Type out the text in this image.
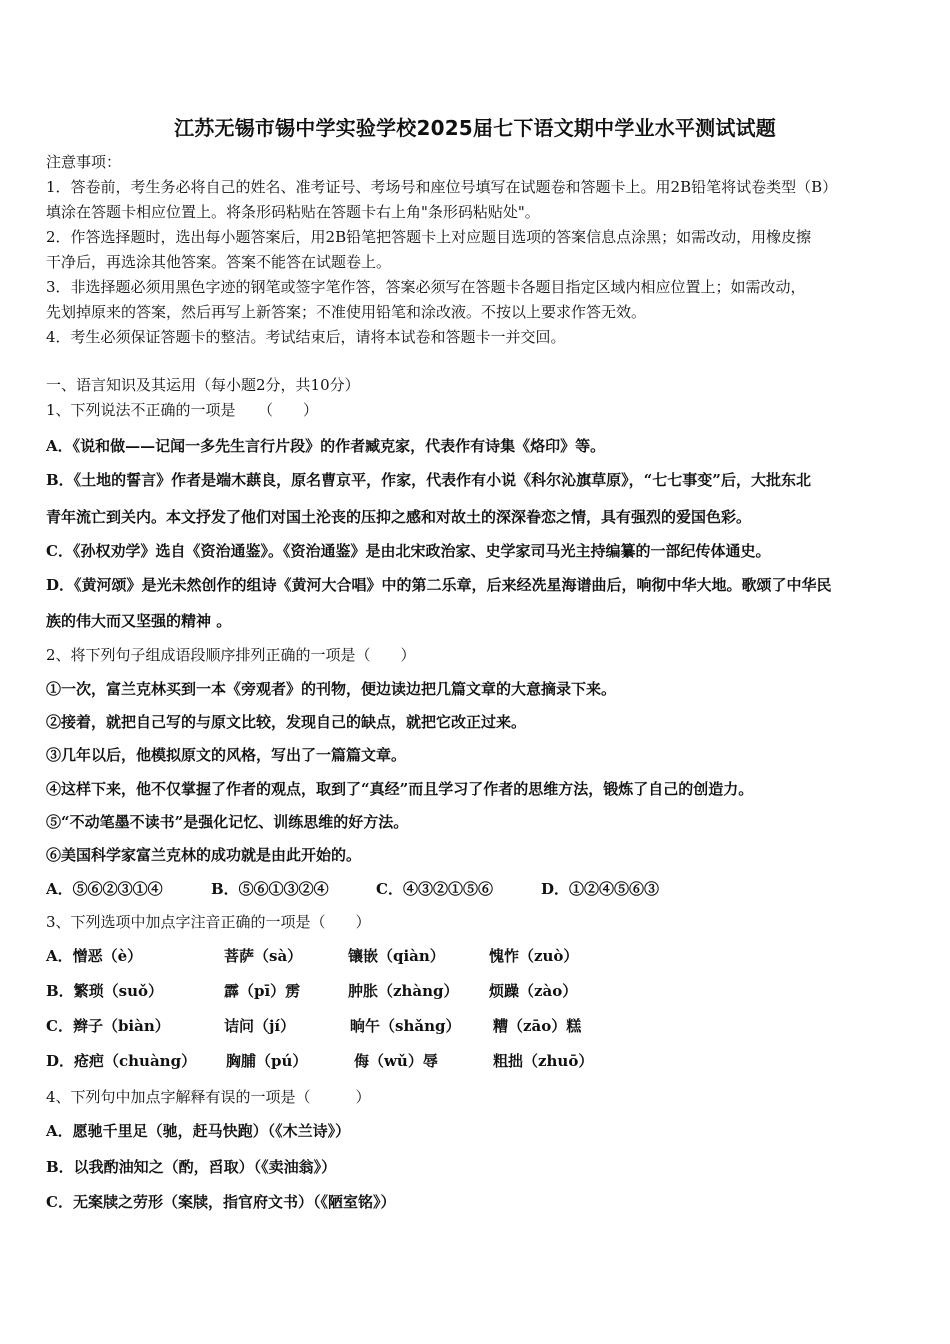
江苏无锡市锡中学实验学校2025届七下语文期中学业水平测试试题

注意事项：

1．答卷前，考生务必将自己的姓名、准考证号、考场号和座位号填写在试题卷和答题卡上。用2B铅笔将试卷类型（B）

填涂在答题卡相应位置上。将条形码粘贴在答题卡右上角"条形码粘贴处"。

2．作答选择题时，选出每小题答案后，用2B铅笔把答题卡上对应题目选项的答案信息点涂黑；如需改动，用橡皮擦

干净后，再选涂其他答案。答案不能答在试题卷上。

3．非选择题必须用黑色字迹的钢笔或签字笔作答，答案必须写在答题卡各题目指定区域内相应位置上；如需改动，

先划掉原来的答案，然后再写上新答案；不准使用铅笔和涂改液。不按以上要求作答无效。

4．考生必须保证答题卡的整洁。考试结束后，请将本试卷和答题卡一并交回。

一、语言知识及其运用（每小题2分，共10分）
1、下列说法不正确的一项是　　（　　）
A．《说和做——记闻一多先生言行片段》的作者臧克家，代表作有诗集《烙印》等。
B．《土地的誓言》作者是端木蕻良，原名曹京平，作家，代表作有小说《科尔沁旗草原》，“七七事变”后，大批东北
青年流亡到关内。本文抒发了他们对国土沦丧的压抑之感和对故土的深深眷恋之情，具有强烈的爱国色彩。
C．《孙权劝学》选自《资治通鉴》。《资治通鉴》是由北宋政治家、史学家司马光主持编纂的一部纪传体通史。
D．《黄河颂》是光未然创作的组诗《黄河大合唱》中的第二乐章，后来经冼星海谱曲后，响彻中华大地。歌颂了中华民
族的伟大而又坚强的精神 。
2、将下列句子组成语段顺序排列正确的一项是（　　）
①一次，富兰克林买到一本《旁观者》的刊物，便边读边把几篇文章的大意摘录下来。
②接着，就把自己写的与原文比较，发现自己的缺点，就把它改正过来。
③几年以后，他模拟原文的风格，写出了一篇篇文章。
④这样下来，他不仅掌握了作者的观点，取到了“真经”而且学习了作者的思维方法，锻炼了自己的创造力。
⑤“不动笔墨不读书”是强化记忆、训练思维的好方法。
⑥美国科学家富兰克林的成功就是由此开始的。
A．⑤⑥②③①④	B．⑤⑥①③②④	C．④③②①⑤⑥	D．①②④⑤⑥③
3、下列选项中加点字注音正确的一项是（　　）
A．憎恶（è）	菩萨（sà）	镶嵌（qiàn）	愧怍（zuò）
B．繁琐（suǒ）	霹（pī）雳	肿胀（zhàng） 烦躁（zào）
C．辫子（biàn）	诘问（jí）	晌午（shǎng） 糟（zāo）糕
D．疮疤（chuàng） 胸脯（pú）	侮（wǔ）辱	粗拙（zhuō）
4、下列句中加点字解释有误的一项是（　　　）
A．愿驰千里足（驰，赶马快跑）（《木兰诗》）
B．以我酌油知之（酌，舀取）（《卖油翁》）
C．无案牍之劳形（案牍，指官府文书）（《陋室铭》）
